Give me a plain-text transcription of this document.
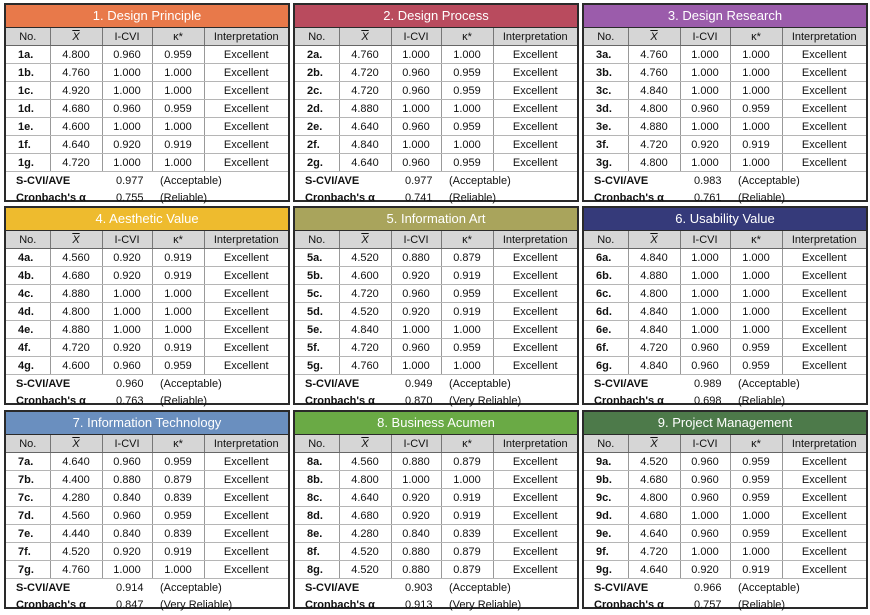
1. Design Principle
No.	$\overline{X}$	I-CVI	κ*	Interpretation
1a.	4.800	0.960	0.959	Excellent
1b.	4.760	1.000	1.000	Excellent
1c.	4.920	1.000	1.000	Excellent
1d.	4.680	0.960	0.959	Excellent
1e.	4.600	1.000	1.000	Excellent
1f.	4.640	0.920	0.919	Excellent
1g.	4.720	1.000	1.000	Excellent
S-CVI/AVE	0.977	(Acceptable)
Cronbach's α	0.755	(Reliable)
2. Design Process
No.	$\overline{X}$	I-CVI	κ*	Interpretation
2a.	4.760	1.000	1.000	Excellent
2b.	4.720	0.960	0.959	Excellent
2c.	4.720	0.960	0.959	Excellent
2d.	4.880	1.000	1.000	Excellent
2e.	4.640	0.960	0.959	Excellent
2f.	4.840	1.000	1.000	Excellent
2g.	4.640	0.960	0.959	Excellent
S-CVI/AVE	0.977	(Acceptable)
Cronbach's α	0.741	(Reliable)
3. Design Research
No.	$\overline{X}$	I-CVI	κ*	Interpretation
3a.	4.760	1.000	1.000	Excellent
3b.	4.760	1.000	1.000	Excellent
3c.	4.840	1.000	1.000	Excellent
3d.	4.800	0.960	0.959	Excellent
3e.	4.880	1.000	1.000	Excellent
3f.	4.720	0.920	0.919	Excellent
3g.	4.800	1.000	1.000	Excellent
S-CVI/AVE	0.983	(Acceptable)
Cronbach's α	0.761	(Reliable)
4. Aesthetic Value
No.	$\overline{X}$	I-CVI	κ*	Interpretation
4a.	4.560	0.920	0.919	Excellent
4b.	4.680	0.920	0.919	Excellent
4c.	4.880	1.000	1.000	Excellent
4d.	4.800	1.000	1.000	Excellent
4e.	4.880	1.000	1.000	Excellent
4f.	4.720	0.920	0.919	Excellent
4g.	4.600	0.960	0.959	Excellent
S-CVI/AVE	0.960	(Acceptable)
Cronbach's α	0.763	(Reliable)
5. Information Art
No.	$\overline{X}$	I-CVI	κ*	Interpretation
5a.	4.520	0.880	0.879	Excellent
5b.	4.600	0.920	0.919	Excellent
5c.	4.720	0.960	0.959	Excellent
5d.	4.520	0.920	0.919	Excellent
5e.	4.840	1.000	1.000	Excellent
5f.	4.720	0.960	0.959	Excellent
5g.	4.760	1.000	1.000	Excellent
S-CVI/AVE	0.949	(Acceptable)
Cronbach's α	0.870	(Very Reliable)
6. Usability Value
No.	$\overline{X}$	I-CVI	κ*	Interpretation
6a.	4.840	1.000	1.000	Excellent
6b.	4.880	1.000	1.000	Excellent
6c.	4.800	1.000	1.000	Excellent
6d.	4.840	1.000	1.000	Excellent
6e.	4.840	1.000	1.000	Excellent
6f.	4.720	0.960	0.959	Excellent
6g.	4.840	0.960	0.959	Excellent
S-CVI/AVE	0.989	(Acceptable)
Cronbach's α	0.698	(Reliable)
7. Information Technology
No.	$\overline{X}$	I-CVI	κ*	Interpretation
7a.	4.640	0.960	0.959	Excellent
7b.	4.400	0.880	0.879	Excellent
7c.	4.280	0.840	0.839	Excellent
7d.	4.560	0.960	0.959	Excellent
7e.	4.440	0.840	0.839	Excellent
7f.	4.520	0.920	0.919	Excellent
7g.	4.760	1.000	1.000	Excellent
S-CVI/AVE	0.914	(Acceptable)
Cronbach's α	0.847	(Very Reliable)
8. Business Acumen
No.	$\overline{X}$	I-CVI	κ*	Interpretation
8a.	4.560	0.880	0.879	Excellent
8b.	4.800	1.000	1.000	Excellent
8c.	4.640	0.920	0.919	Excellent
8d.	4.680	0.920	0.919	Excellent
8e.	4.280	0.840	0.839	Excellent
8f.	4.520	0.880	0.879	Excellent
8g.	4.520	0.880	0.879	Excellent
S-CVI/AVE	0.903	(Acceptable)
Cronbach's α	0.913	(Very Reliable)
9. Project Management
No.	$\overline{X}$	I-CVI	κ*	Interpretation
9a.	4.520	0.960	0.959	Excellent
9b.	4.680	0.960	0.959	Excellent
9c.	4.800	0.960	0.959	Excellent
9d.	4.680	1.000	1.000	Excellent
9e.	4.640	0.960	0.959	Excellent
9f.	4.720	1.000	1.000	Excellent
9g.	4.640	0.920	0.919	Excellent
S-CVI/AVE	0.966	(Acceptable)
Cronbach's α	0.757	(Reliable)
